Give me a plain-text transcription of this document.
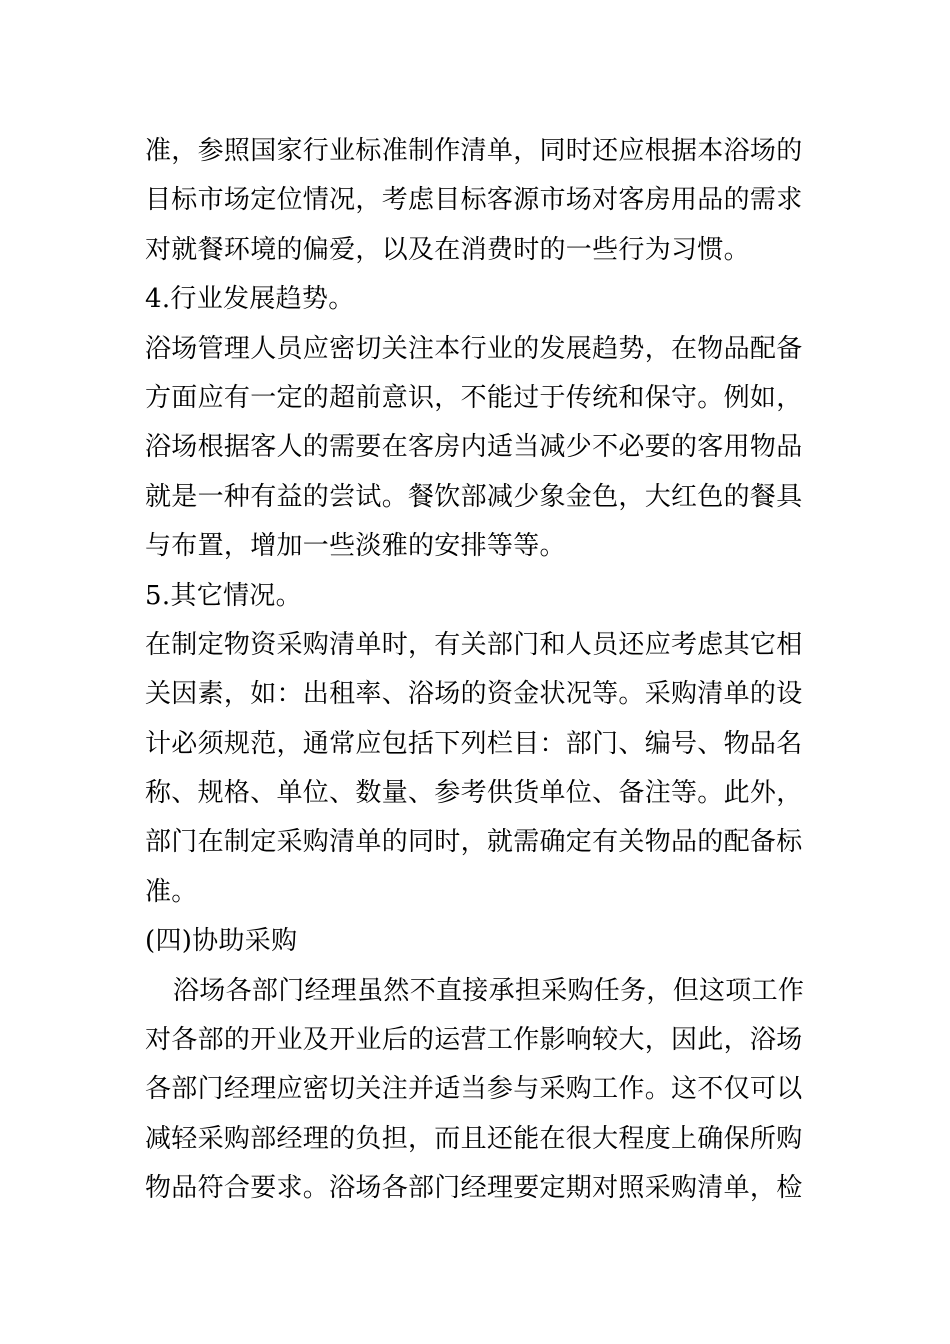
准，参照国家行业标准制作清单，同时还应根据本浴场的
目标市场定位情况，考虑目标客源市场对客房用品的需求
对就餐环境的偏爱，以及在消费时的一些行为习惯。
4.行业发展趋势。
浴场管理人员应密切关注本行业的发展趋势，在物品配备
方面应有一定的超前意识，不能过于传统和保守。例如，
浴场根据客人的需要在客房内适当减少不必要的客用物品
就是一种有益的尝试。餐饮部减少象金色，大红色的餐具
与布置，增加一些淡雅的安排等等。
5.其它情况。
在制定物资采购清单时，有关部门和人员还应考虑其它相
关因素，如：出租率、浴场的资金状况等。采购清单的设
计必须规范，通常应包括下列栏目：部门、编号、物品名
称、规格、单位、数量、参考供货单位、备注等。此外，
部门在制定采购清单的同时，就需确定有关物品的配备标
准。
(四)协助采购
浴场各部门经理虽然不直接承担采购任务，但这项工作
对各部的开业及开业后的运营工作影响较大，因此，浴场
各部门经理应密切关注并适当参与采购工作。这不仅可以
减轻采购部经理的负担，而且还能在很大程度上确保所购
物品符合要求。浴场各部门经理要定期对照采购清单，检
